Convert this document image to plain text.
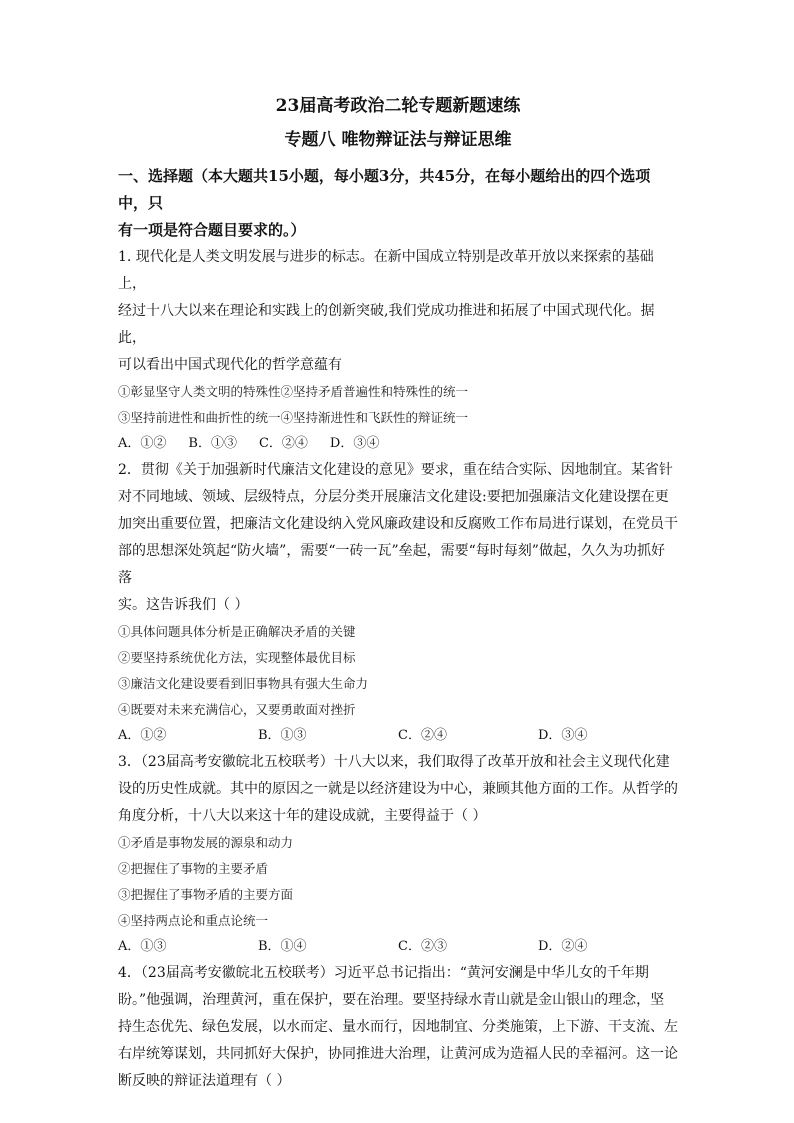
23届高考政治二轮专题新题速练

专题八 唯物辩证法与辩证思维

一、选择题（本大题共15小题，每小题3分，共45分，在每小题给出的四个选项中，只
有一项是符合题目要求的。）

1. 现代化是人类文明发展与进步的标志。在新中国成立特别是改革开放以来探索的基础上，

经过十八大以来在理论和实践上的创新突破,我们党成功推进和拓展了中国式现代化。据此，

可以看出中国式现代化的哲学意蕴有

①彰显坚守人类文明的特殊性②坚持矛盾普遍性和特殊性的统一

③坚持前进性和曲折性的统一④坚持渐进性和飞跃性的辩证统一

A．①② B．①③ C．②④ D．③④

2．贯彻《关于加强新时代廉洁文化建设的意见》要求，重在结合实际、因地制宜。某省针

对不同地域、领域、层级特点，分层分类开展廉洁文化建设:要把加强廉洁文化建设摆在更

加突出重要位置，把廉洁文化建设纳入党风廉政建设和反腐败工作布局进行谋划，在党员干

部的思想深处筑起“防火墙”，需要“一砖一瓦”垒起，需要“每时每刻”做起，久久为功抓好落

实。这告诉我们（ ）

①具体问题具体分析是正确解决矛盾的关键

②要坚持系统优化方法，实现整体最优目标

③廉洁文化建设要看到旧事物具有强大生命力

④既要对未来充满信心，又要勇敢面对挫折

A．①②	B．①③	C．②④	D．③④

3．（23届高考安徽皖北五校联考）十八大以来，我们取得了改革开放和社会主义现代化建

设的历史性成就。其中的原因之一就是以经济建设为中心，兼顾其他方面的工作。从哲学的

角度分析，十八大以来这十年的建设成就，主要得益于（ ）

①矛盾是事物发展的源泉和动力

②把握住了事物的主要矛盾

③把握住了事物矛盾的主要方面

④坚持两点论和重点论统一

A．①③	B．①④	C．②③	D．②④

4．（23届高考安徽皖北五校联考）习近平总书记指出：“黄河安澜是中华儿女的千年期

盼。”他强调，治理黄河，重在保护，要在治理。要坚持绿水青山就是金山银山的理念，坚

持生态优先、绿色发展，以水而定、量水而行，因地制宜、分类施策，上下游、干支流、左

右岸统筹谋划，共同抓好大保护，协同推进大治理，让黄河成为造福人民的幸福河。这一论

断反映的辩证法道理有（ ）
